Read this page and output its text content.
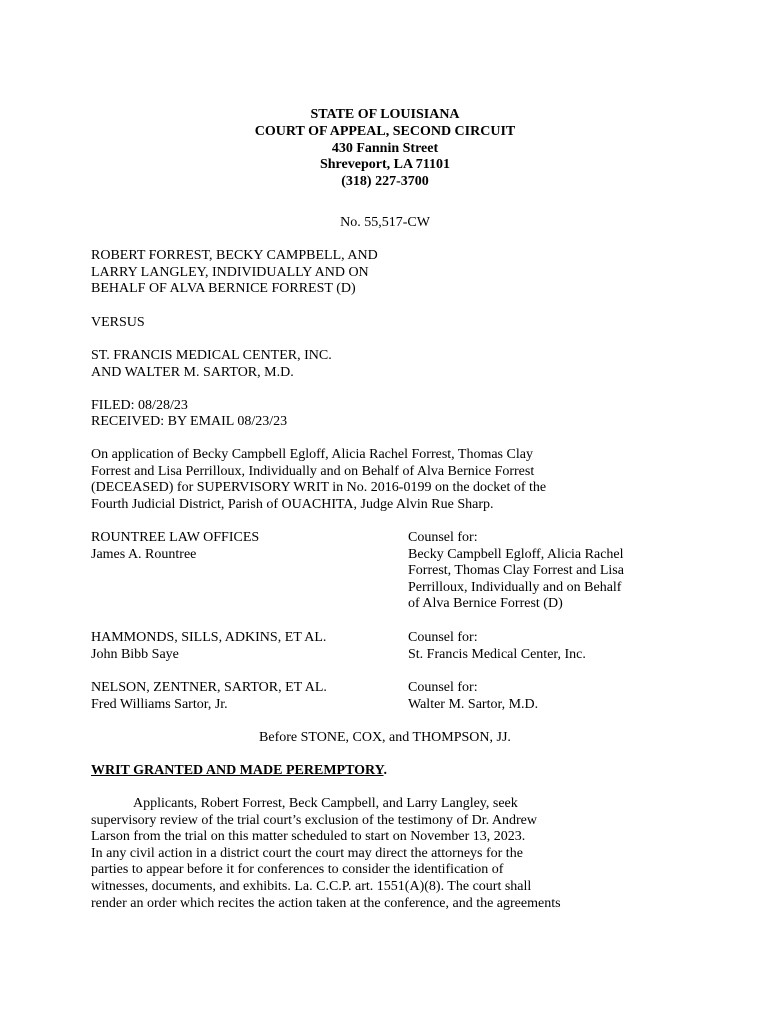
STATE OF LOUISIANA
COURT OF APPEAL, SECOND CIRCUIT
430 Fannin Street
Shreveport, LA 71101
(318) 227-3700
No. 55,517-CW
ROBERT FORREST, BECKY CAMPBELL, AND
LARRY LANGLEY, INDIVIDUALLY AND ON
BEHALF OF ALVA BERNICE FORREST (D)
VERSUS
ST. FRANCIS MEDICAL CENTER, INC.
AND WALTER M. SARTOR, M.D.
FILED: 08/28/23
RECEIVED: BY EMAIL 08/23/23
On application of Becky Campbell Egloff, Alicia Rachel Forrest, Thomas Clay
Forrest and Lisa Perrilloux, Individually and on Behalf of Alva Bernice Forrest
(DECEASED) for SUPERVISORY WRIT in No. 2016-0199 on the docket of the
Fourth Judicial District, Parish of OUACHITA, Judge Alvin Rue Sharp.
ROUNTREE LAW OFFICES
James A. Rountree
Counsel for:
Becky Campbell Egloff, Alicia Rachel
Forrest, Thomas Clay Forrest and Lisa
Perrilloux, Individually and on Behalf
of Alva Bernice Forrest (D)
HAMMONDS, SILLS, ADKINS, ET AL.
John Bibb Saye
Counsel for:
St. Francis Medical Center, Inc.
NELSON, ZENTNER, SARTOR, ET AL.
Fred Williams Sartor, Jr.
Counsel for:
Walter M. Sartor, M.D.
Before STONE, COX, and THOMPSON, JJ.
WRIT GRANTED AND MADE PEREMPTORY.
Applicants, Robert Forrest, Beck Campbell, and Larry Langley, seek
supervisory review of the trial court’s exclusion of the testimony of Dr. Andrew
Larson from the trial on this matter scheduled to start on November 13, 2023.
In any civil action in a district court the court may direct the attorneys for the
parties to appear before it for conferences to consider the identification of
witnesses, documents, and exhibits. La. C.C.P. art. 1551(A)(8). The court shall
render an order which recites the action taken at the conference, and the agreements
